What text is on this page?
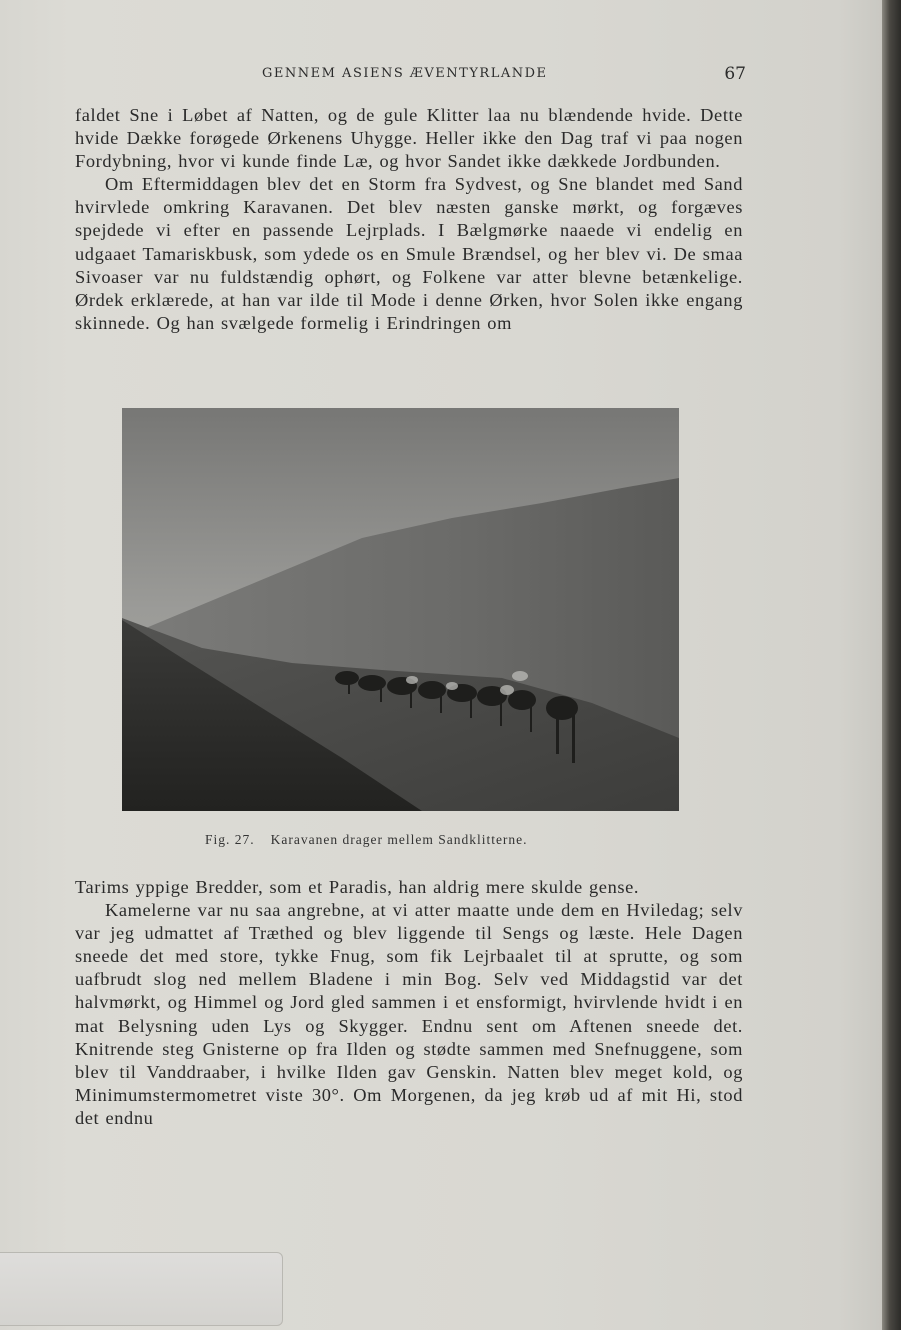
GENNEM ASIENS ÆVENTYRLANDE	67

faldet Sne i Løbet af Natten, og de gule Klitter laa nu blændende hvide. Dette hvide Dække forøgede Ørkenens Uhygge. Heller ikke den Dag traf vi paa nogen Fordybning, hvor vi kunde finde Læ, og hvor Sandet ikke dækkede Jordbunden.

Om Eftermiddagen blev det en Storm fra Sydvest, og Sne blandet med Sand hvirvlede omkring Karavanen. Det blev næsten ganske mørkt, og forgæves spejdede vi efter en passende Lejrplads. I Bælgmørke naaede vi endelig en udgaaet Tamariskbusk, som ydede os en Smule Brændsel, og her blev vi. De smaa Sivoaser var nu fuldstændig ophørt, og Folkene var atter blevne betænkelige. Ørdek erklærede, at han var ilde til Mode i denne Ørken, hvor Solen ikke engang skinnede. Og han svælgede formelig i Erindringen om

Fig. 27. Karavanen drager mellem Sandklitterne.

Tarims yppige Bredder, som et Paradis, han aldrig mere skulde gense.

Kamelerne var nu saa angrebne, at vi atter maatte unde dem en Hviledag; selv var jeg udmattet af Træthed og blev liggende til Sengs og læste. Hele Dagen sneede det med store, tykke Fnug, som fik Lejrbaalet til at sprutte, og som uafbrudt slog ned mellem Bladene i min Bog. Selv ved Middagstid var det halvmørkt, og Himmel og Jord gled sammen i et ensformigt, hvirvlende hvidt i en mat Belysning uden Lys og Skygger. Endnu sent om Aftenen sneede det. Knitrende steg Gnisterne op fra Ilden og stødte sammen med Snefnuggene, som blev til Vanddraaber, i hvilke Ilden gav Genskin. Natten blev meget kold, og Minimumstermometret viste 30°. Om Morgenen, da jeg krøb ud af mit Hi, stod det endnu
